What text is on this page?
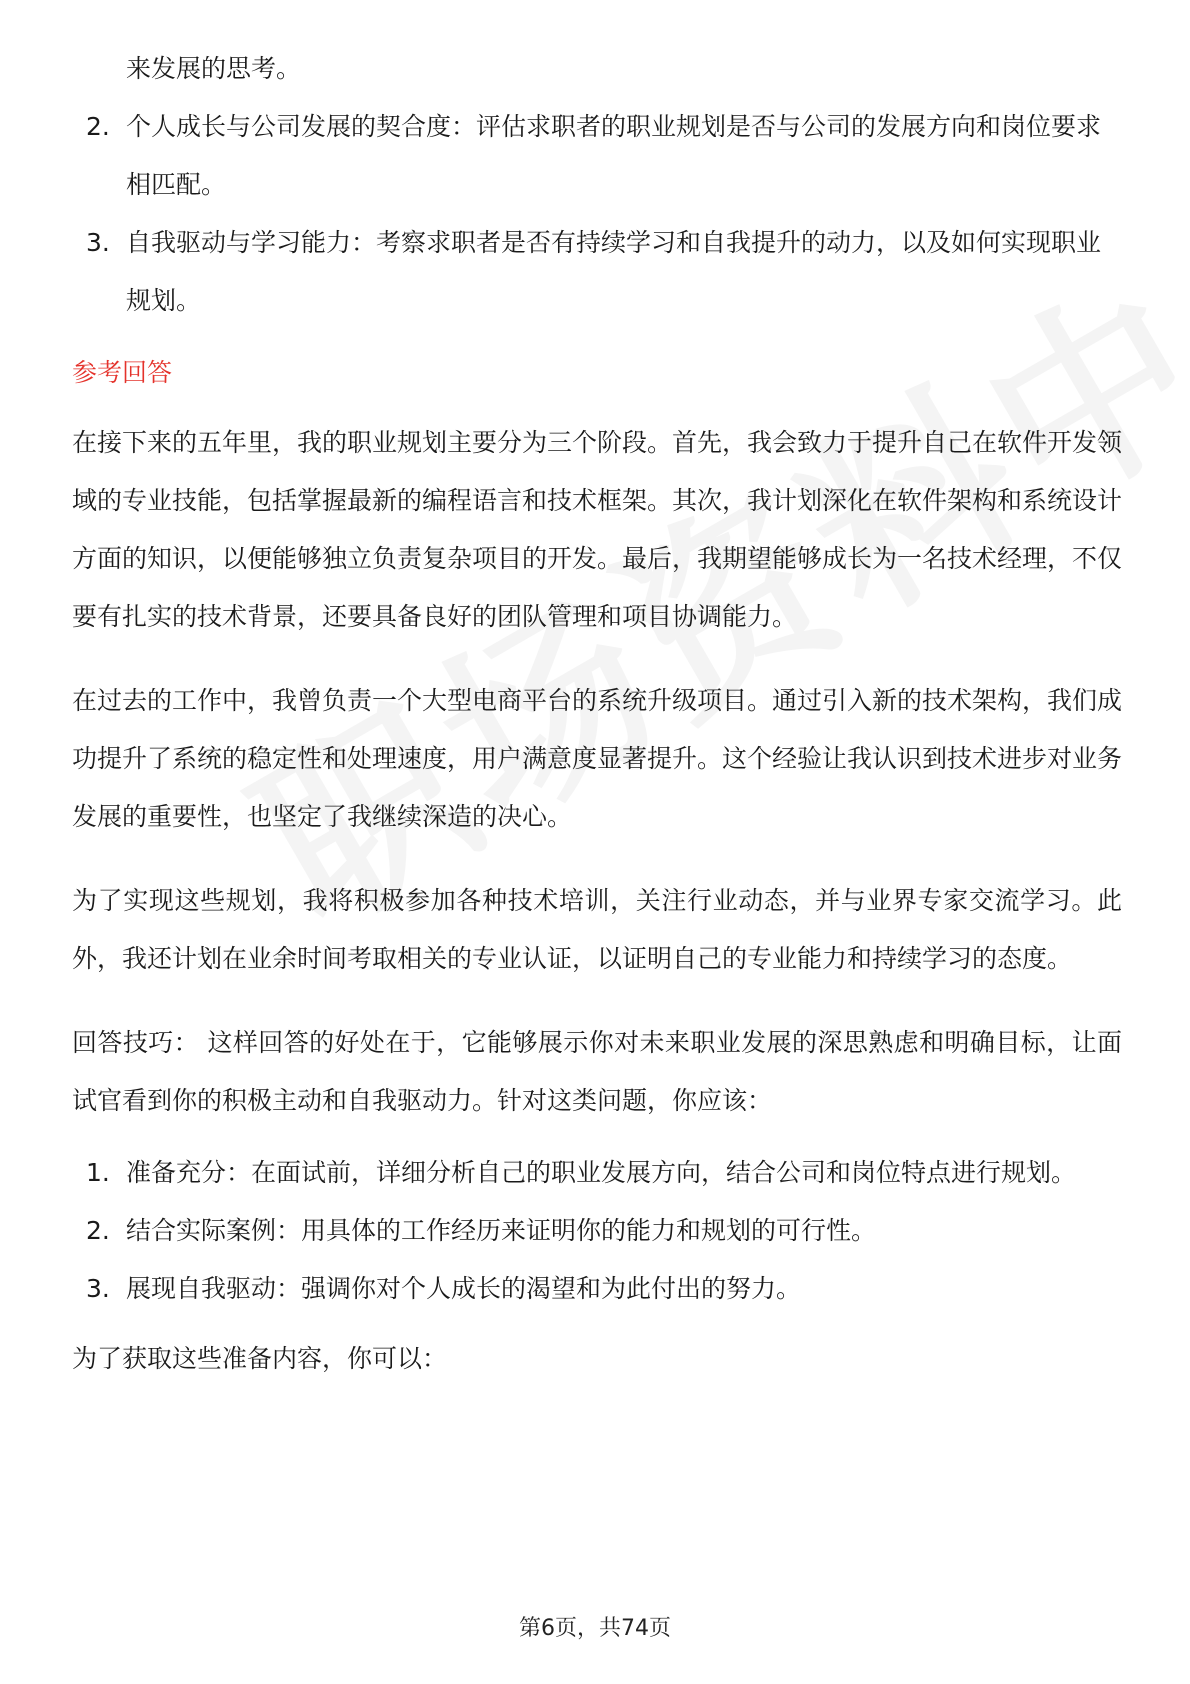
来发展的思考。
2. 个人成长与公司发展的契合度：评估求职者的职业规划是否与公司的发展方向和岗位要求相匹配。
3. 自我驱动与学习能力：考察求职者是否有持续学习和自我提升的动力，以及如何实现职业规划。
参考回答

在接下来的五年里，我的职业规划主要分为三个阶段。首先，我会致力于提升自己在软件开发领域的专业技能，包括掌握最新的编程语言和技术框架。其次，我计划深化在软件架构和系统设计方面的知识，以便能够独立负责复杂项目的开发。最后，我期望能够成长为一名技术经理，不仅要有扎实的技术背景，还要具备良好的团队管理和项目协调能力。

在过去的工作中，我曾负责一个大型电商平台的系统升级项目。通过引入新的技术架构，我们成功提升了系统的稳定性和处理速度，用户满意度显著提升。这个经验让我认识到技术进步对业务发展的重要性，也坚定了我继续深造的决心。

为了实现这些规划，我将积极参加各种技术培训，关注行业动态，并与业界专家交流学习。此外，我还计划在业余时间考取相关的专业认证，以证明自己的专业能力和持续学习的态度。

回答技巧： 这样回答的好处在于，它能够展示你对未来职业发展的深思熟虑和明确目标，让面试官看到你的积极主动和自我驱动力。针对这类问题，你应该：

1. 准备充分：在面试前，详细分析自己的职业发展方向，结合公司和岗位特点进行规划。
2. 结合实际案例：用具体的工作经历来证明你的能力和规划的可行性。
3. 展现自我驱动：强调你对个人成长的渴望和为此付出的努力。

为了获取这些准备内容，你可以：

第6页，共74页
